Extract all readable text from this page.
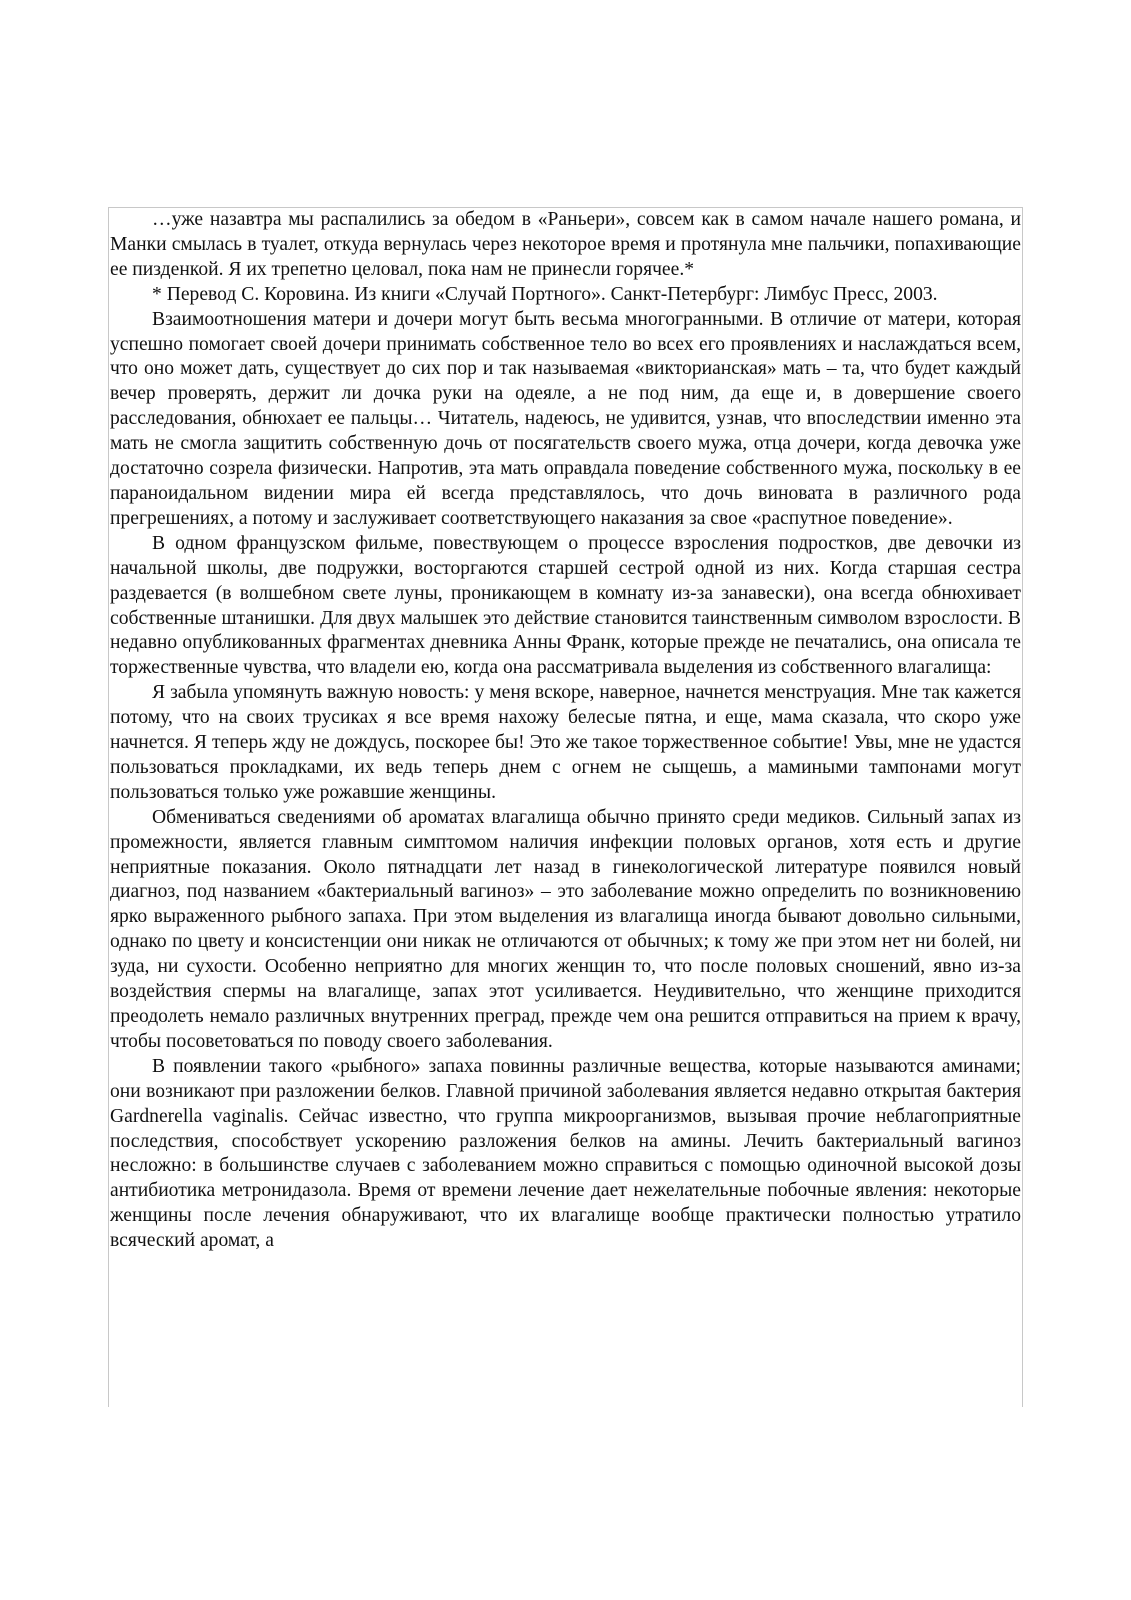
…уже назавтра мы распалились за обедом в «Раньери», совсем как в самом начале нашего романа, и Манки смылась в туалет, откуда вернулась через некоторое время и протянула мне пальчики, попахивающие ее пизденкой. Я их трепетно целовал, пока нам не принесли горячее.*

* Перевод С. Коровина. Из книги «Случай Портного». Санкт-Петербург: Лимбус Пресс, 2003.

Взаимоотношения матери и дочери могут быть весьма многогранными. В отличие от матери, которая успешно помогает своей дочери принимать собственное тело во всех его проявлениях и наслаждаться всем, что оно может дать, существует до сих пор и так называемая «викторианская» мать – та, что будет каждый вечер проверять, держит ли дочка руки на одеяле, а не под ним, да еще и, в довершение своего расследования, обнюхает ее пальцы… Читатель, надеюсь, не удивится, узнав, что впоследствии именно эта мать не смогла защитить собственную дочь от посягательств своего мужа, отца дочери, когда девочка уже достаточно созрела физически. Напротив, эта мать оправдала поведение собственного мужа, поскольку в ее параноидальном видении мира ей всегда представлялось, что дочь виновата в различного рода прегрешениях, а потому и заслуживает соответствующего наказания за свое «распутное поведение».

В одном французском фильме, повествующем о процессе взросления подростков, две девочки из начальной школы, две подружки, восторгаются старшей сестрой одной из них. Когда старшая сестра раздевается (в волшебном свете луны, проникающем в комнату из-за занавески), она всегда обнюхивает собственные штанишки. Для двух малышек это действие становится таинственным символом взрослости. В недавно опубликованных фрагментах дневника Анны Франк, которые прежде не печатались, она описала те торжественные чувства, что владели ею, когда она рассматривала выделения из собственного влагалища:

Я забыла упомянуть важную новость: у меня вскоре, наверное, начнется менструация. Мне так кажется потому, что на своих трусиках я все время нахожу белесые пятна, и еще, мама сказала, что скоро уже начнется. Я теперь жду не дождусь, поскорее бы! Это же такое торжественное событие! Увы, мне не удастся пользоваться прокладками, их ведь теперь днем с огнем не сыщешь, а мамиными тампонами могут пользоваться только уже рожавшие женщины.

Обмениваться сведениями об ароматах влагалища обычно принято среди медиков. Сильный запах из промежности, является главным симптомом наличия инфекции половых органов, хотя есть и другие неприятные показания. Около пятнадцати лет назад в гинекологической литературе появился новый диагноз, под названием «бактериальный вагиноз» – это заболевание можно определить по возникновению ярко выраженного рыбного запаха. При этом выделения из влагалища иногда бывают довольно сильными, однако по цвету и консистенции они никак не отличаются от обычных; к тому же при этом нет ни болей, ни зуда, ни сухости. Особенно неприятно для многих женщин то, что после половых сношений, явно из-за воздействия спермы на влагалище, запах этот усиливается. Неудивительно, что женщине приходится преодолеть немало различных внутренних преград, прежде чем она решится отправиться на прием к врачу, чтобы посоветоваться по поводу своего заболевания.

В появлении такого «рыбного» запаха повинны различные вещества, которые называются аминами; они возникают при разложении белков. Главной причиной заболевания является недавно открытая бактерия Gardnerella vaginalis. Сейчас известно, что группа микроорганизмов, вызывая прочие неблагоприятные последствия, способствует ускорению разложения белков на амины. Лечить бактериальный вагиноз несложно: в большинстве случаев с заболеванием можно справиться с помощью одиночной высокой дозы антибиотика метронидазола. Время от времени лечение дает нежелательные побочные явления: некоторые женщины после лечения обнаруживают, что их влагалище вообще практически полностью утратило всяческий аромат, а
